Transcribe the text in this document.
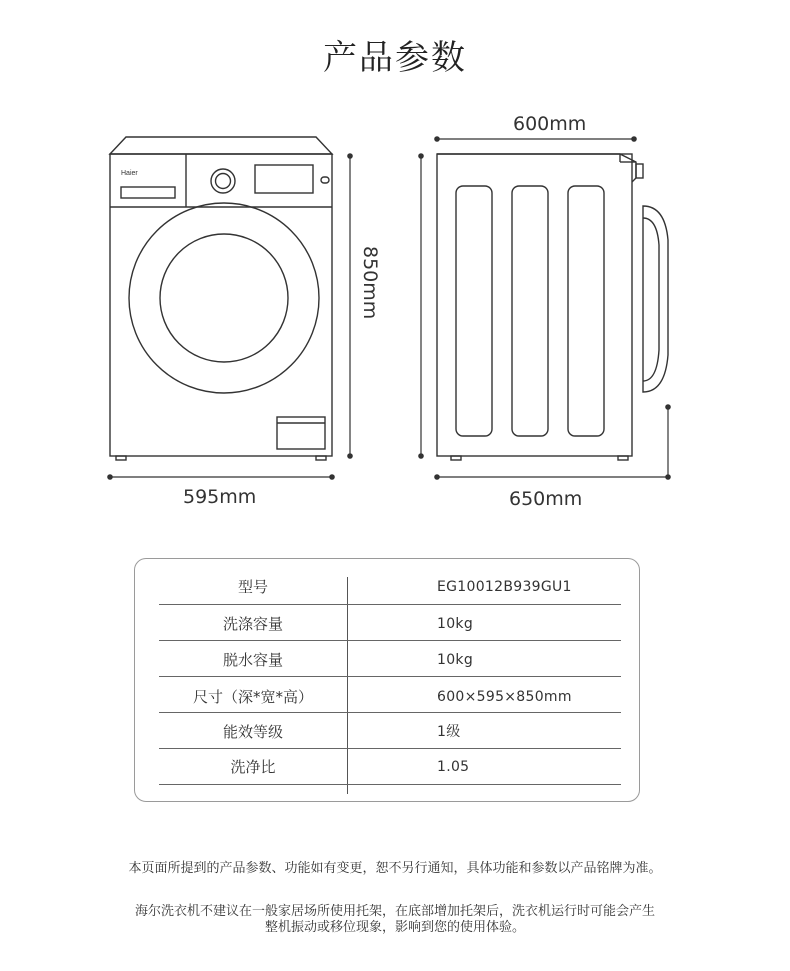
产品参数
Haier
595mm
600mm
850mm
650mm
型号	EG10012B939GU1
洗涤容量	10kg
脱水容量	10kg
尺寸（深*宽*高）	600×595×850mm
能效等级	1级
洗净比	1.05
本页面所提到的产品参数、功能如有变更，恕不另行通知，具体功能和参数以产品铭牌为准。
海尔洗衣机不建议在一般家居场所使用托架，在底部增加托架后，洗衣机运行时可能会产生
整机振动或移位现象，影响到您的使用体验。
